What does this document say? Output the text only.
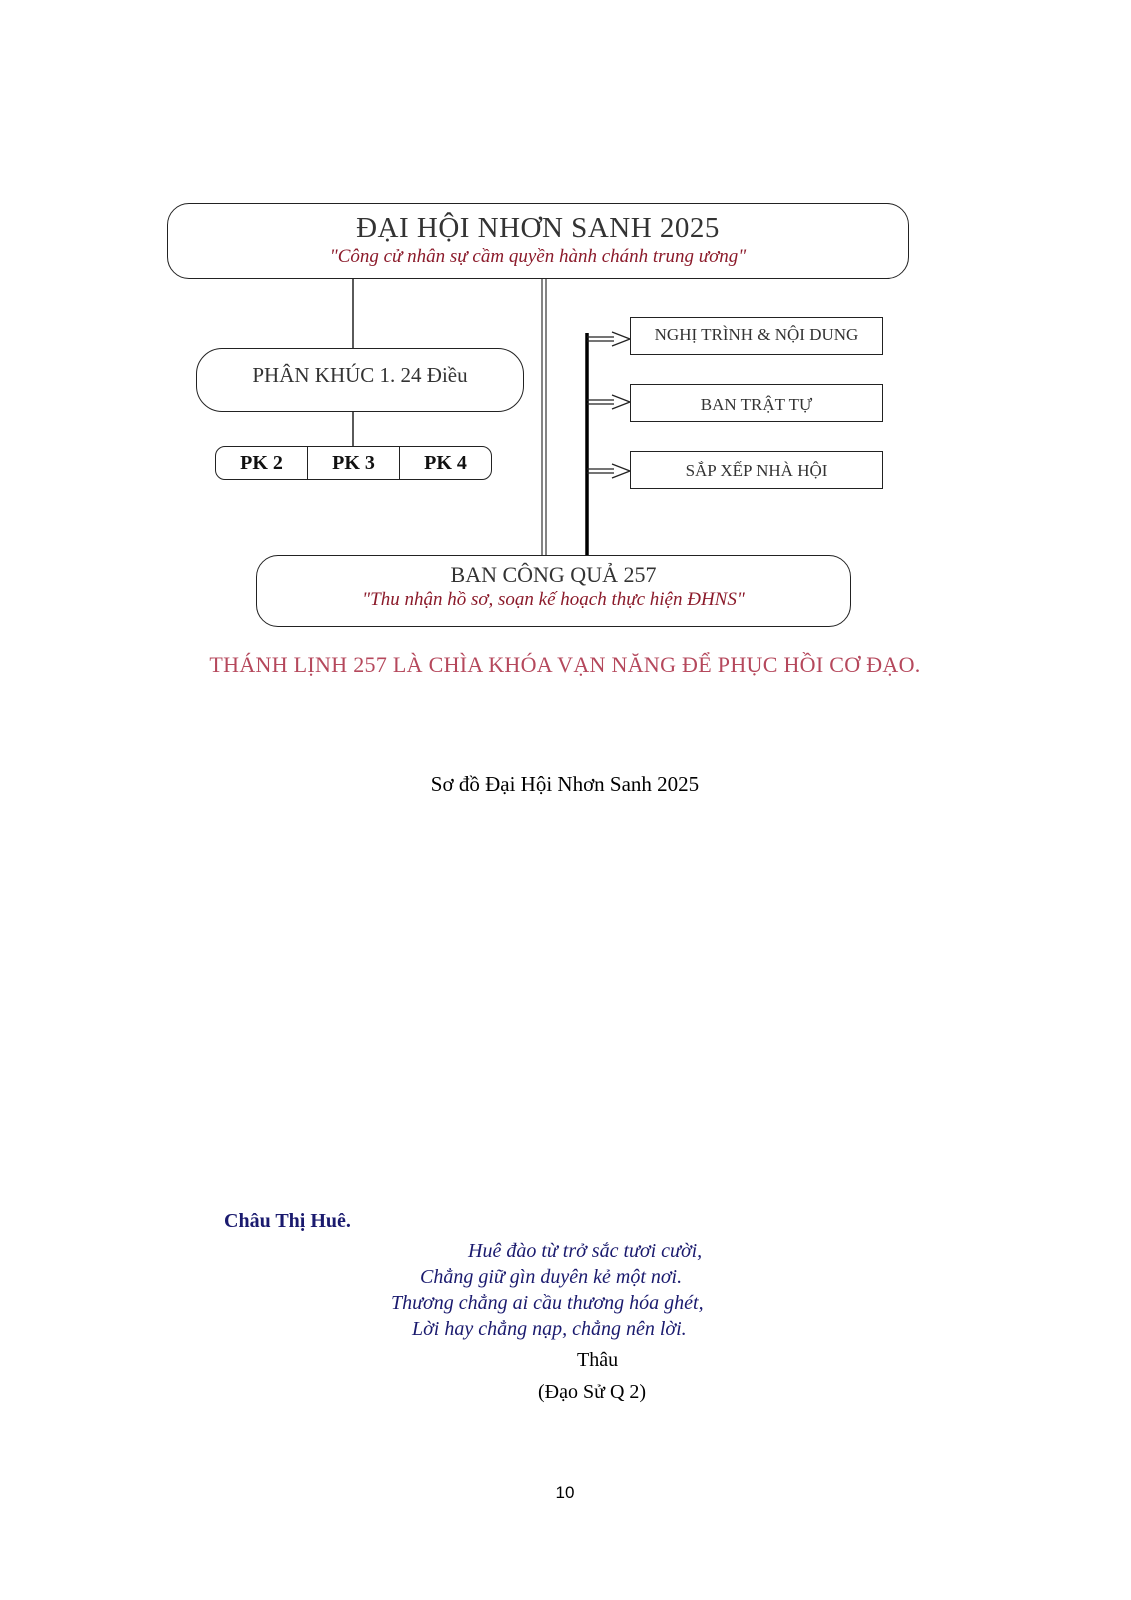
ĐẠI HỘI NHƠN SANH 2025
"Công cử nhân sự cầm quyền hành chánh trung ương"
PHÂN KHÚC 1. 24 Điều
PK 2	PK 3	PK 4
NGHỊ TRÌNH & NỘI DUNG
BAN TRẬT TỰ
SẮP XẾP NHÀ HỘI
BAN CÔNG QUẢ 257
"Thu nhận hồ sơ, soạn kế hoạch thực hiện ĐHNS"
THÁNH LỊNH 257 LÀ CHÌA KHÓA VẠN NĂNG ĐỂ PHỤC HỒI CƠ ĐẠO.
Sơ đồ Đại Hội Nhơn Sanh 2025
Châu Thị Huê.
Huê đào từ trở sắc tươi cười,
Chẳng giữ gìn duyên kẻ một nơi.
Thương chẳng ai cầu thương hóa ghét,
Lời hay chẳng nạp, chẳng nên lời.
Thâu
(Đạo Sử Q 2)
10
